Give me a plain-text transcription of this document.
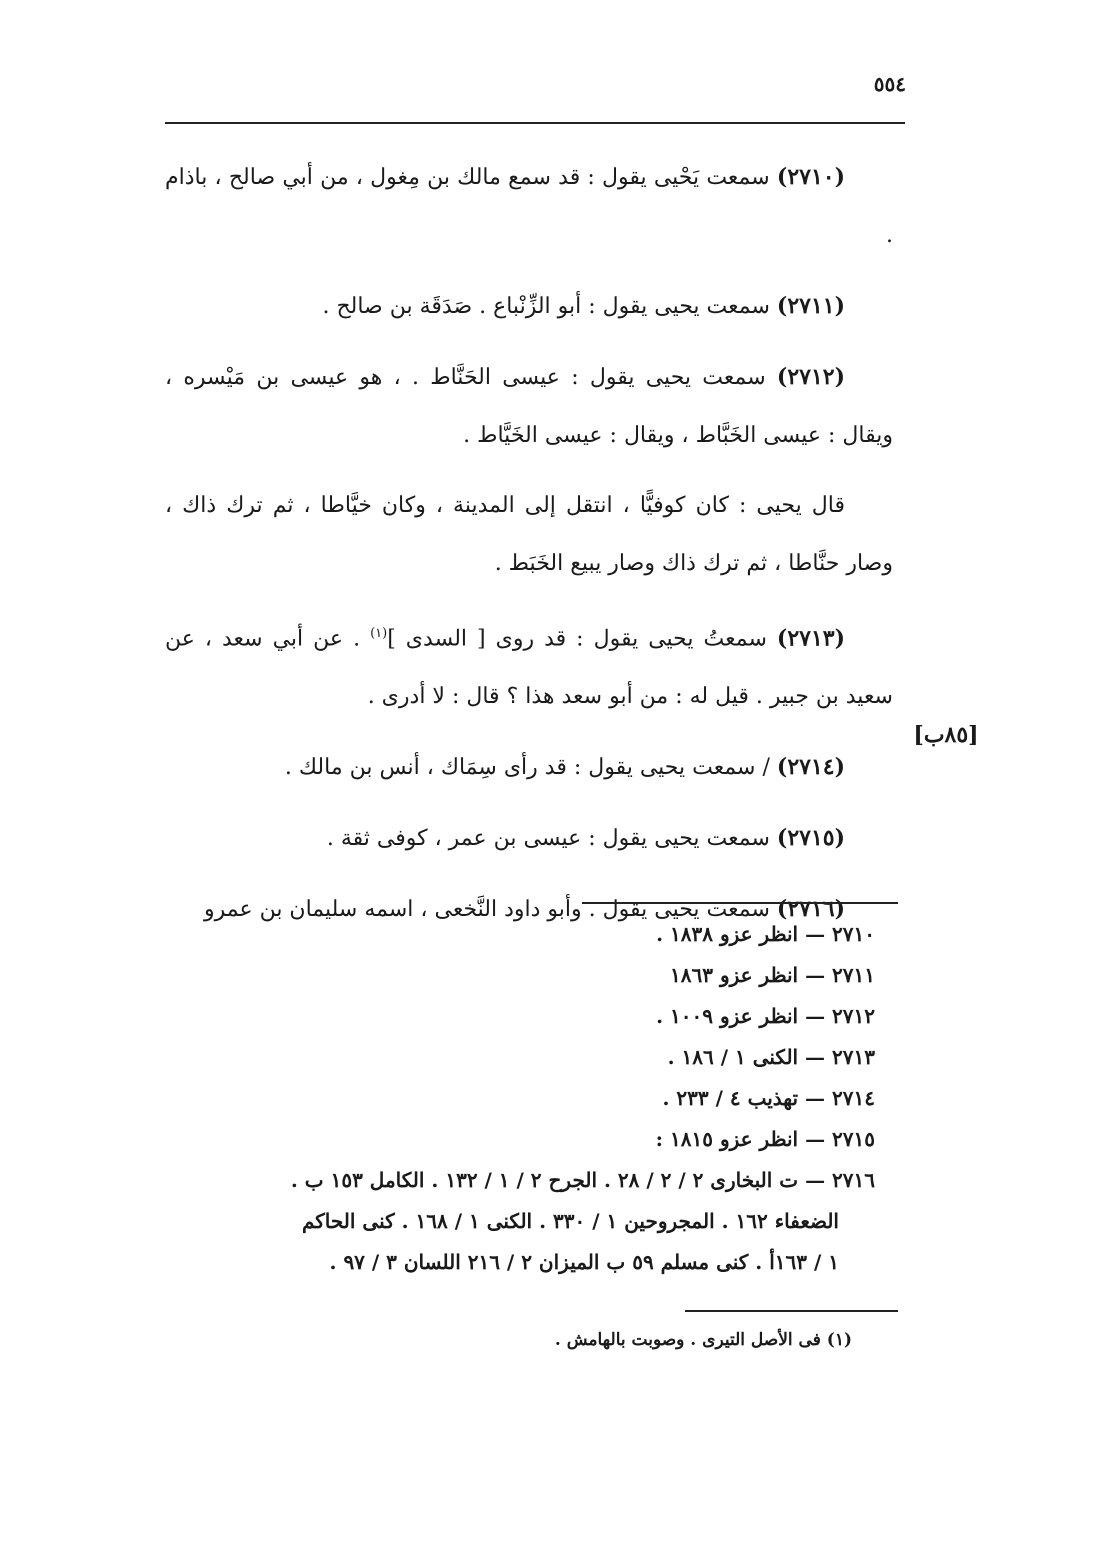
٥٥٤
[٨٥ب]

(٢٧١٠) سمعت يَحْيى يقول : قد سمع مالك بن مِغول ، من أبي صالح ، باذام .

(٢٧١١) سمعت يحيى يقول : أبو الزِّنْباع . صَدَقَة بن صالح .

(٢٧١٢) سمعت يحيى يقول : عيسى الحَنَّاط . ، هو عيسى بن مَيْسره ، ويقال : عيسى الخَبَّاط ، ويقال : عيسى الخَيَّاط .

قال يحيى : كان كوفيًّا ، انتقل إلى المدينة ، وكان خيَّاطا ، ثم ترك ذاك ، وصار حنَّاطا ، ثم ترك ذاك وصار يبيع الخَبَط .

(٢٧١٣) سمعتُ يحيى يقول : قد روى [ السدى ]$^{(١)}$ . عن أبي سعد ، عن سعيد بن جبير . قيل له : من أبو سعد هذا ؟ قال : لا أدرى .

(٢٧١٤) / سمعت يحيى يقول : قد رأى سِمَاك ، أنس بن مالك .

(٢٧١٥) سمعت يحيى يقول : عيسى بن عمر ، كوفى ثقة .

(٢٧١٦) سمعت يحيى يقول . وأبو داود النَّخعى ، اسمه سليمان بن عمرو

٢٧١٠ — انظر عزو ١٨٣٨ .
٢٧١١ — انظر عزو ١٨٦٣
٢٧١٢ — انظر عزو ١٠٠٩ .
٢٧١٣ — الكنى ١ / ١٨٦ .
٢٧١٤ — تهذيب ٤ / ٢٣٣ .
٢٧١٥ — انظر عزو ١٨١٥ :
٢٧١٦ — ت البخارى ٢ / ٢ / ٢٨ . الجرح ٢ / ١ / ١٣٢ . الكامل ١٥٣ ب .
الضعفاء ١٦٢ . المجروحين ١ / ٣٣٠ . الكنى ١ / ١٦٨ . كنى الحاكم
١ / ١٦٣أ . كنى مسلم ٥٩ ب الميزان ٢ / ٢١٦ اللسان ٣ / ٩٧ .
(١) فى الأصل التيرى . وصوبت بالهامش .
